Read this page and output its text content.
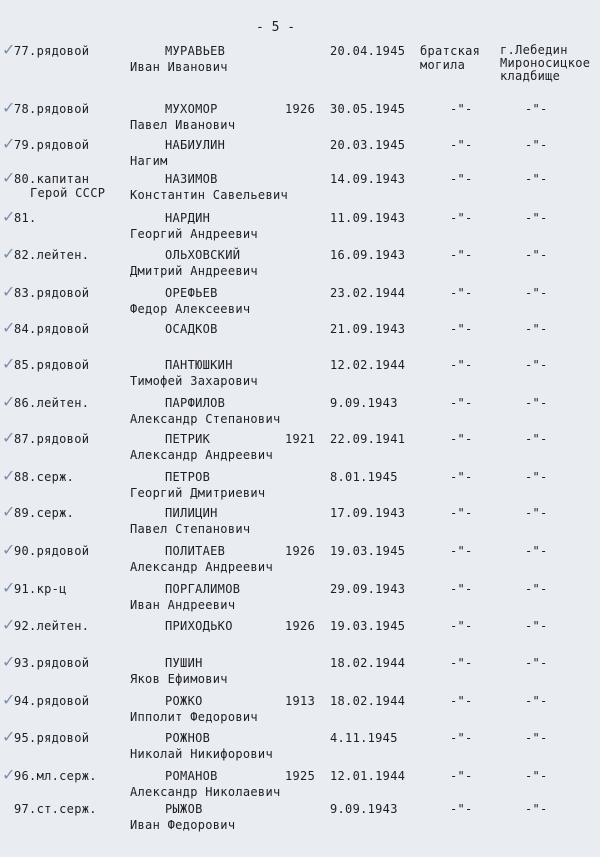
- 5 -
✓
77.рядовой	МУРАВЬЕВ
Иван Иванович
20.04.1945 братская могила
г.Лебедин Мироносицкое кладбище
✓
78.рядовой	МУХОМОР
Павел Иванович
1926 30.05.1945	-"-	-"-
✓
79.рядовой	НАБИУЛИН
Нагим
20.03.1945	-"-	-"-
✓
80.капитан
Герой СССР
НАЗИМОВ
Константин Савельевич
14.09.1943	-"-	-"-
✓
81.	НАРДИН
Георгий Андреевич
11.09.1943	-"-	-"-
✓
82.лейтен.	ОЛЬХОВСКИЙ
Дмитрий Андреевич
16.09.1943	-"-	-"-
✓
83.рядовой	ОРЕФЬЕВ
Федор Алексеевич
23.02.1944	-"-	-"-
✓
84.рядовой	ОСАДКОВ	21.09.1943	-"-	-"-
✓
85.рядовой	ПАНТЮШКИН
Тимофей Захарович
12.02.1944	-"-	-"-
✓
86.лейтен.	ПАРФИЛОВ
Александр Степанович
9.09.1943	-"-	-"-
✓
87.рядовой	ПЕТРИК
Александр Андреевич
1921 22.09.1941	-"-	-"-
✓
88.серж.	ПЕТРОВ
Георгий Дмитриевич
8.01.1945	-"-	-"-
✓
89.серж.	ПИЛИЦИН
Павел Степанович
17.09.1943	-"-	-"-
✓
90.рядовой	ПОЛИТАЕВ
Александр Андреевич
1926 19.03.1945	-"-	-"-
✓
91.кр-ц	ПОРГАЛИМОВ
Иван Андреевич
29.09.1943	-"-	-"-
✓
92.лейтен.	ПРИХОДЬКО	1926 19.03.1945	-"-	-"-
✓
93.рядовой	ПУШИН
Яков Ефимович
18.02.1944	-"-	-"-
✓
94.рядовой	РОЖКО
Ипполит Федорович
1913 18.02.1944	-"-	-"-
✓
95.рядовой	РОЖНОВ
Николай Никифорович
4.11.1945	-"-	-"-
✓
96.мл.серж.	РОМАНОВ
Александр Николаевич
1925 12.01.1944	-"-	-"-
97.ст.серж.	РЫЖОВ
Иван Федорович
9.09.1943	-"-	-"-
